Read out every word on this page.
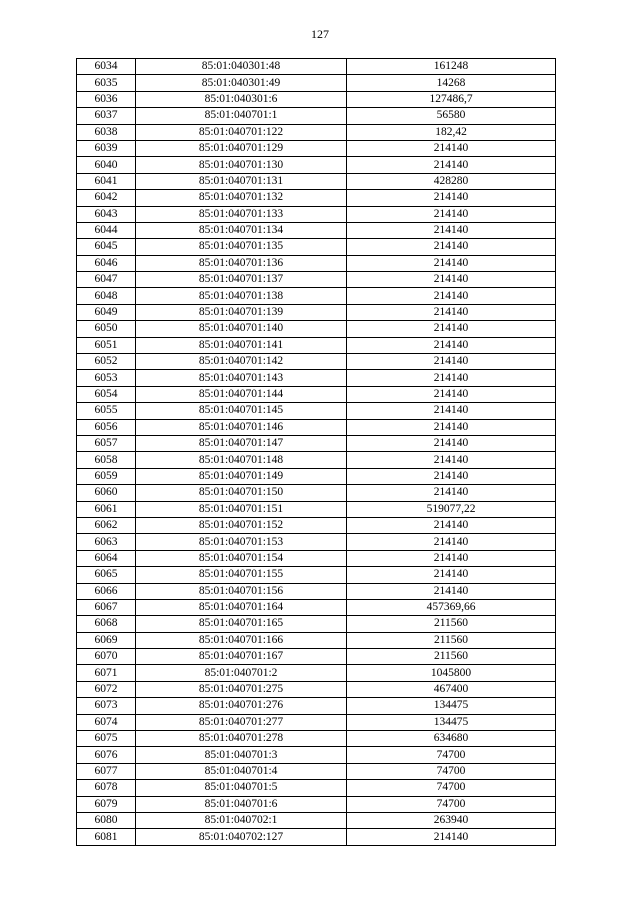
127
6034	85:01:040301:48	161248
6035	85:01:040301:49	14268
6036	85:01:040301:6	127486,7
6037	85:01:040701:1	56580
6038	85:01:040701:122	182,42
6039	85:01:040701:129	214140
6040	85:01:040701:130	214140
6041	85:01:040701:131	428280
6042	85:01:040701:132	214140
6043	85:01:040701:133	214140
6044	85:01:040701:134	214140
6045	85:01:040701:135	214140
6046	85:01:040701:136	214140
6047	85:01:040701:137	214140
6048	85:01:040701:138	214140
6049	85:01:040701:139	214140
6050	85:01:040701:140	214140
6051	85:01:040701:141	214140
6052	85:01:040701:142	214140
6053	85:01:040701:143	214140
6054	85:01:040701:144	214140
6055	85:01:040701:145	214140
6056	85:01:040701:146	214140
6057	85:01:040701:147	214140
6058	85:01:040701:148	214140
6059	85:01:040701:149	214140
6060	85:01:040701:150	214140
6061	85:01:040701:151	519077,22
6062	85:01:040701:152	214140
6063	85:01:040701:153	214140
6064	85:01:040701:154	214140
6065	85:01:040701:155	214140
6066	85:01:040701:156	214140
6067	85:01:040701:164	457369,66
6068	85:01:040701:165	211560
6069	85:01:040701:166	211560
6070	85:01:040701:167	211560
6071	85:01:040701:2	1045800
6072	85:01:040701:275	467400
6073	85:01:040701:276	134475
6074	85:01:040701:277	134475
6075	85:01:040701:278	634680
6076	85:01:040701:3	74700
6077	85:01:040701:4	74700
6078	85:01:040701:5	74700
6079	85:01:040701:6	74700
6080	85:01:040702:1	263940
6081	85:01:040702:127	214140
